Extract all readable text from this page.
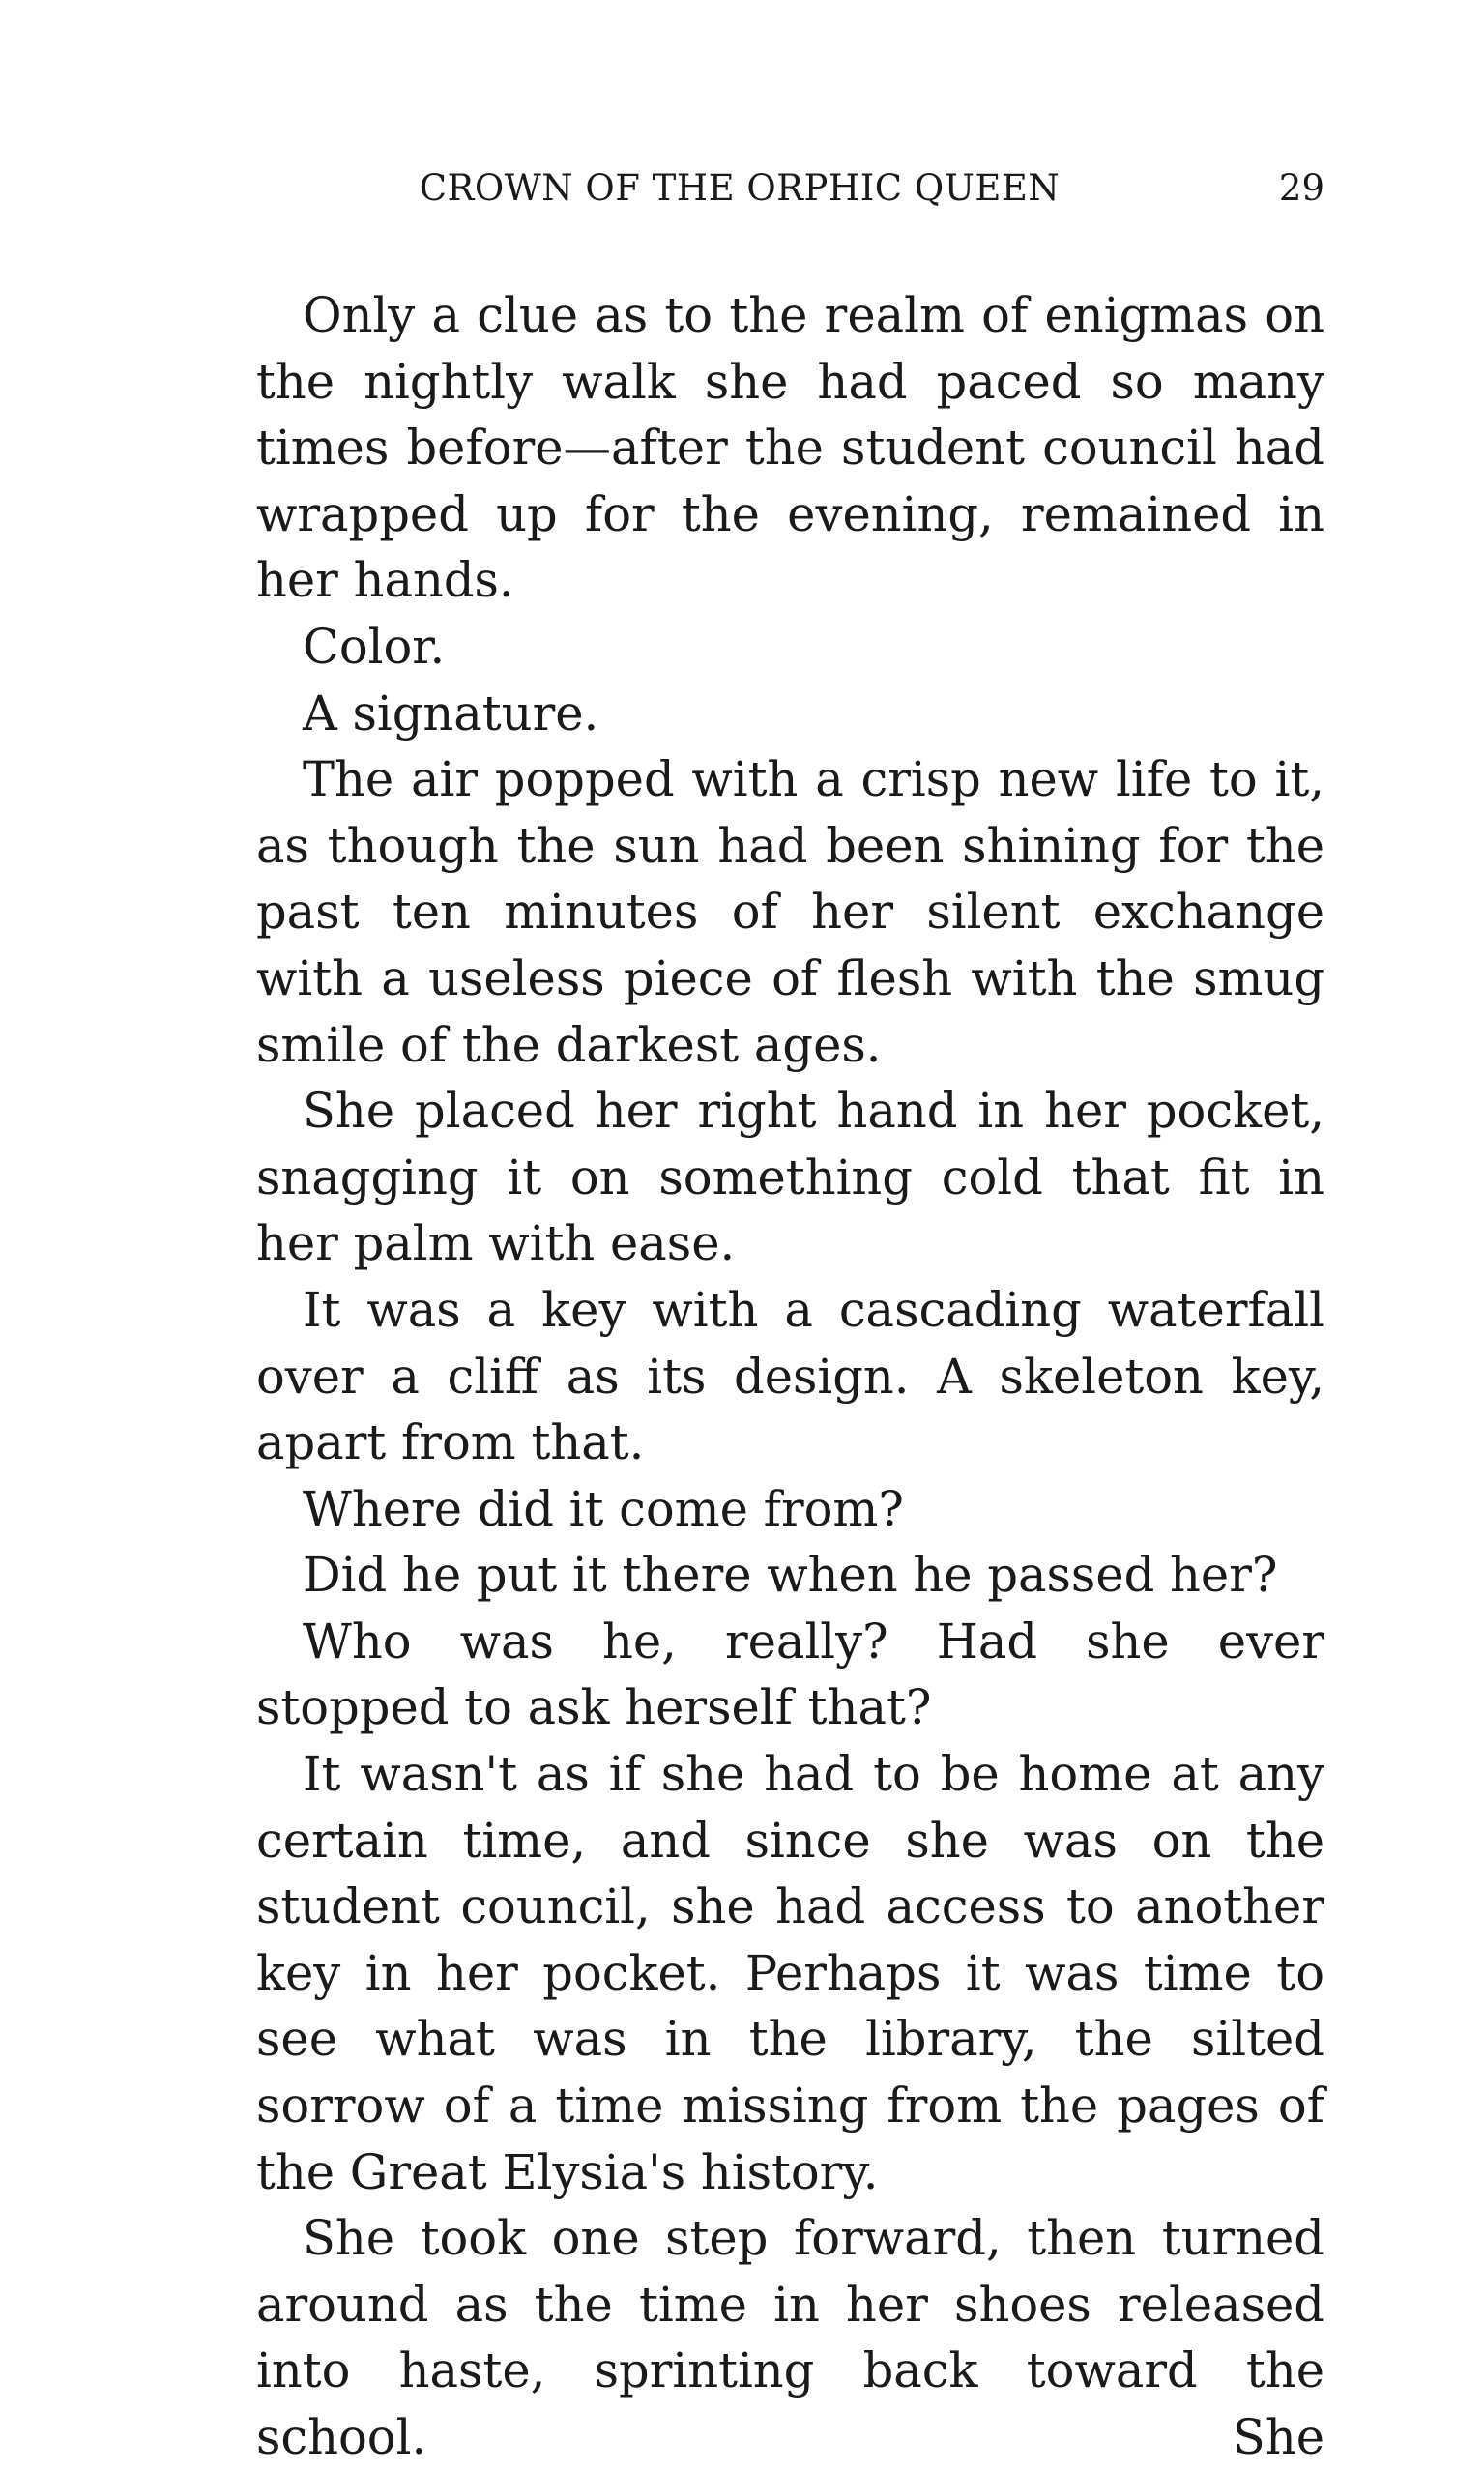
CROWN OF THE ORPHIC QUEEN	29

Only a clue as to the realm of enigmas on the nightly walk she had paced so many times before—after the student council had wrapped up for the evening, remained in her hands.

Color.

A signature.

The air popped with a crisp new life to it, as though the sun had been shining for the past ten minutes of her silent exchange with a useless piece of flesh with the smug smile of the darkest ages.

She placed her right hand in her pocket, snagging it on something cold that fit in her palm with ease.

It was a key with a cascading waterfall over a cliff as its design. A skeleton key, apart from that.

Where did it come from?

Did he put it there when he passed her?

Who was he, really? Had she ever stopped to ask herself that?

It wasn't as if she had to be home at any certain time, and since she was on the student council, she had access to another key in her pocket. Perhaps it was time to see what was in the library, the silted sorrow of a time missing from the pages of the Great Elysia's history.

She took one step forward, then turned around as the time in her shoes released into haste, sprinting back toward the school. She
